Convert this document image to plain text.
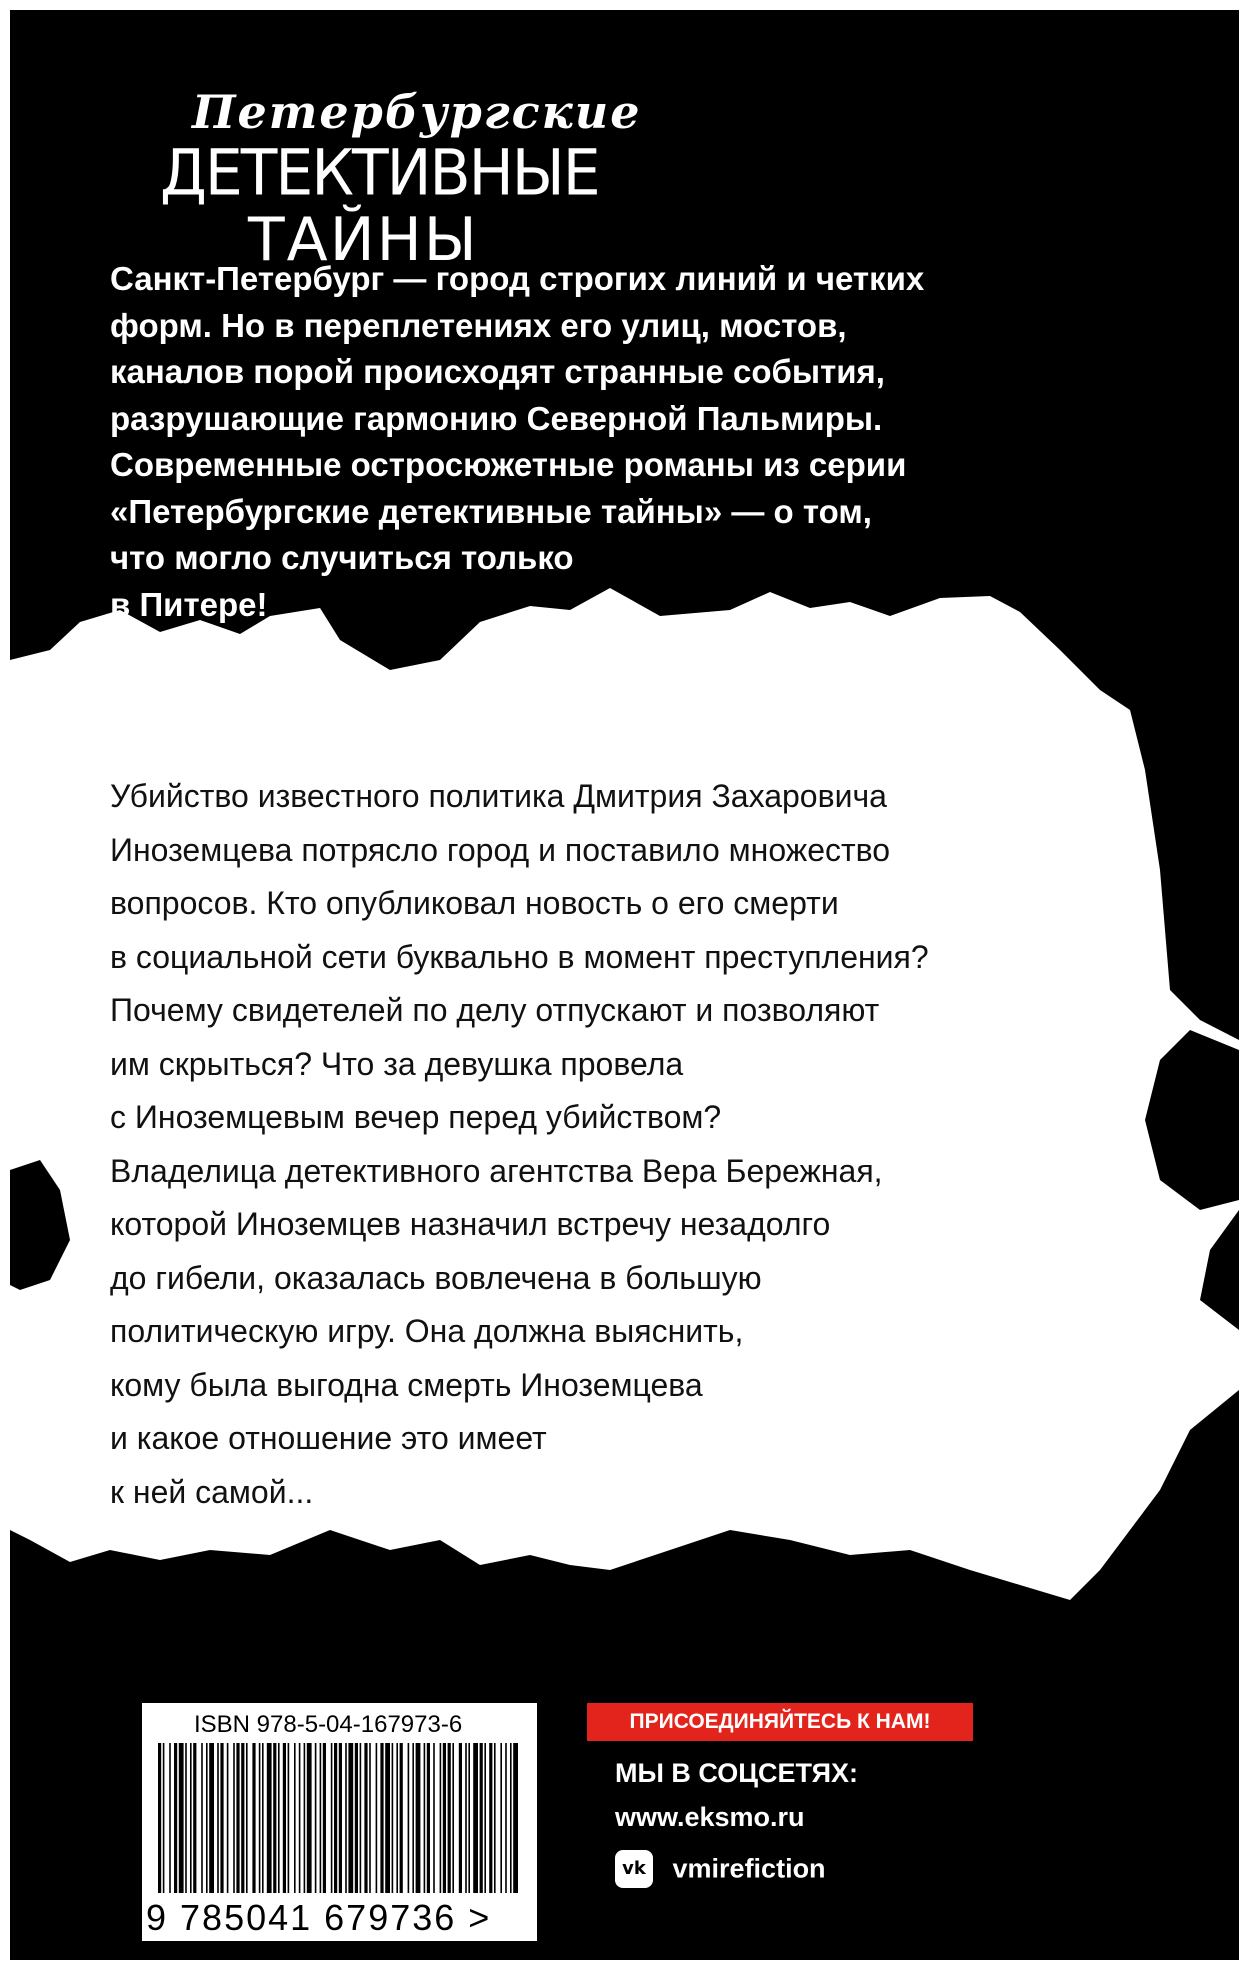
Петербургские
ДЕТЕКТИВНЫЕ
ТАЙНЫ
Санкт-Петербург — город строгих линий и четких
форм. Но в переплетениях его улиц, мостов,
каналов порой происходят странные события,
разрушающие гармонию Северной Пальмиры.
Современные остросюжетные романы из серии
«Петербургские детективные тайны» — о том,
что могло случиться только
в Питере!
Убийство известного политика Дмитрия Захаровича
Иноземцева потрясло город и поставило множество
вопросов. Кто опубликовал новость о его смерти
в социальной сети буквально в момент преступления?
Почему свидетелей по делу отпускают и позволяют
им скрыться? Что за девушка провела
с Иноземцевым вечер перед убийством?
Владелица детективного агентства Вера Бережная,
которой Иноземцев назначил встречу незадолго
до гибели, оказалась вовлечена в большую
политическую игру. Она должна выяснить,
кому была выгодна смерть Иноземцева
и какое отношение это имеет
к ней самой...
ISBN 978-5-04-167973-6
9 785041 679736 >
ПРИСОЕДИНЯЙТЕСЬ К НАМ!
МЫ В СОЦСЕТЯХ:
www.eksmo.ru
vk vmirefiction
